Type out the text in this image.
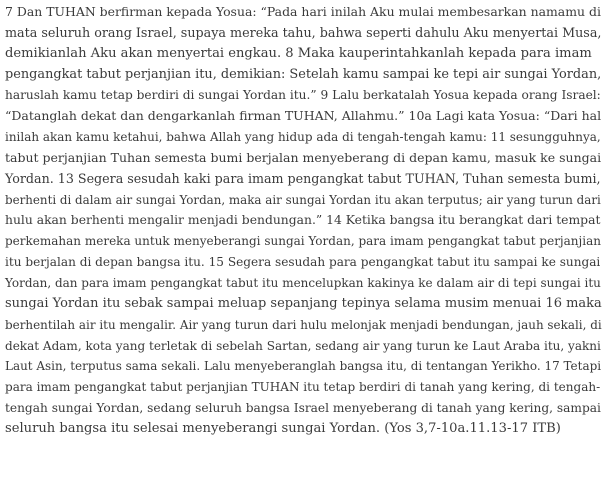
7 Dan TUHAN berfirman kepada Yosua: “Pada hari inilah Aku mulai membesarkan namamu di
mata seluruh orang Israel, supaya mereka tahu, bahwa seperti dahulu Aku menyertai Musa,
demikianlah Aku akan menyertai engkau. 8 Maka kauperintahkanlah kepada para imam
pengangkat tabut perjanjian itu, demikian: Setelah kamu sampai ke tepi air sungai Yordan,
haruslah kamu tetap berdiri di sungai Yordan itu.” 9 Lalu berkatalah Yosua kepada orang Israel:
“Datanglah dekat dan dengarkanlah firman TUHAN, Allahmu.” 10a Lagi kata Yosua: “Dari hal
inilah akan kamu ketahui, bahwa Allah yang hidup ada di tengah-tengah kamu: 11 sesungguhnya,
tabut perjanjian Tuhan semesta bumi berjalan menyeberang di depan kamu, masuk ke sungai
Yordan. 13 Segera sesudah kaki para imam pengangkat tabut TUHAN, Tuhan semesta bumi,
berhenti di dalam air sungai Yordan, maka air sungai Yordan itu akan terputus; air yang turun dari
hulu akan berhenti mengalir menjadi bendungan.” 14 Ketika bangsa itu berangkat dari tempat
perkemahan mereka untuk menyeberangi sungai Yordan, para imam pengangkat tabut perjanjian
itu berjalan di depan bangsa itu. 15 Segera sesudah para pengangkat tabut itu sampai ke sungai
Yordan, dan para imam pengangkat tabut itu mencelupkan kakinya ke dalam air di tepi sungai itu
sungai Yordan itu sebak sampai meluap sepanjang tepinya selama musim menuai 16 maka
berhentilah air itu mengalir. Air yang turun dari hulu melonjak menjadi bendungan, jauh sekali, di
dekat Adam, kota yang terletak di sebelah Sartan, sedang air yang turun ke Laut Araba itu, yakni
Laut Asin, terputus sama sekali. Lalu menyeberanglah bangsa itu, di tentangan Yerikho. 17 Tetapi
para imam pengangkat tabut perjanjian TUHAN itu tetap berdiri di tanah yang kering, di tengah-
tengah sungai Yordan, sedang seluruh bangsa Israel menyeberang di tanah yang kering, sampai
seluruh bangsa itu selesai menyeberangi sungai Yordan. (Yos 3,7-10a.11.13-17 ITB)
